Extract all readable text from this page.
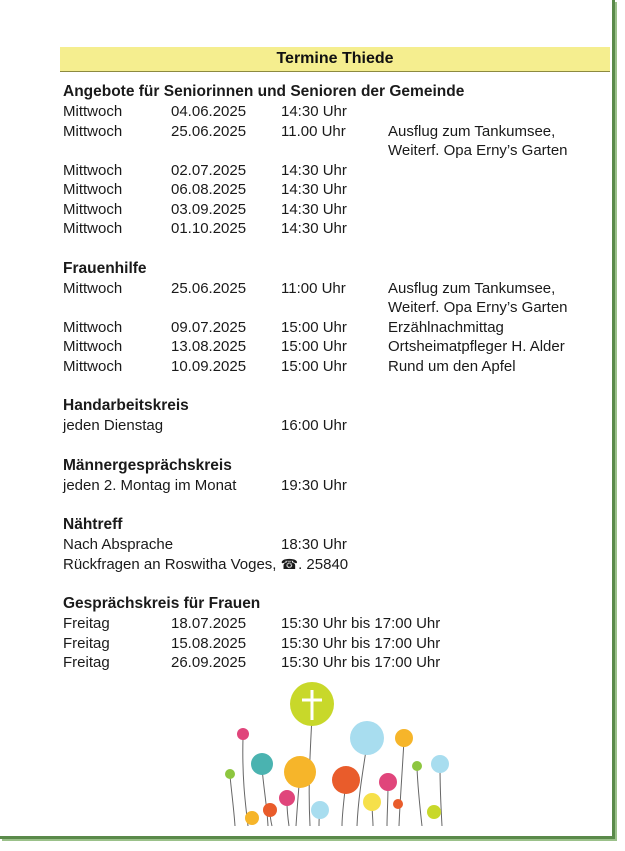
Termine Thiede
Angebote für Seniorinnen und Senioren der Gemeinde
Mittwoch	04.06.2025	14:30 Uhr
Mittwoch	25.06.2025	11.00 Uhr	Ausflug zum Tankumsee,
Weiterf. Opa Erny’s Garten
Mittwoch	02.07.2025	14:30 Uhr
Mittwoch	06.08.2025	14:30 Uhr
Mittwoch	03.09.2025	14:30 Uhr
Mittwoch	01.10.2025	14:30 Uhr
Frauenhilfe
Mittwoch	25.06.2025	11:00 Uhr	Ausflug zum Tankumsee,
Weiterf. Opa Erny’s Garten
Mittwoch	09.07.2025	15:00 Uhr	Erzählnachmittag
Mittwoch	13.08.2025	15:00 Uhr	Ortsheimatpfleger H. Alder
Mittwoch	10.09.2025	15:00 Uhr	Rund um den Apfel
Handarbeitskreis
jeden Dienstag	16:00 Uhr
Männergesprächskreis
jeden 2. Montag im Monat	19:30 Uhr
Nähtreff
Nach Absprache	18:30 Uhr
Rückfragen an Roswitha Voges,
☎ . 25840
Gesprächskreis für Frauen
Freitag	18.07.2025	15:30 Uhr bis 17:00 Uhr
Freitag	15.08.2025	15:30 Uhr bis 17:00 Uhr
Freitag	26.09.2025	15:30 Uhr bis 17:00 Uhr
